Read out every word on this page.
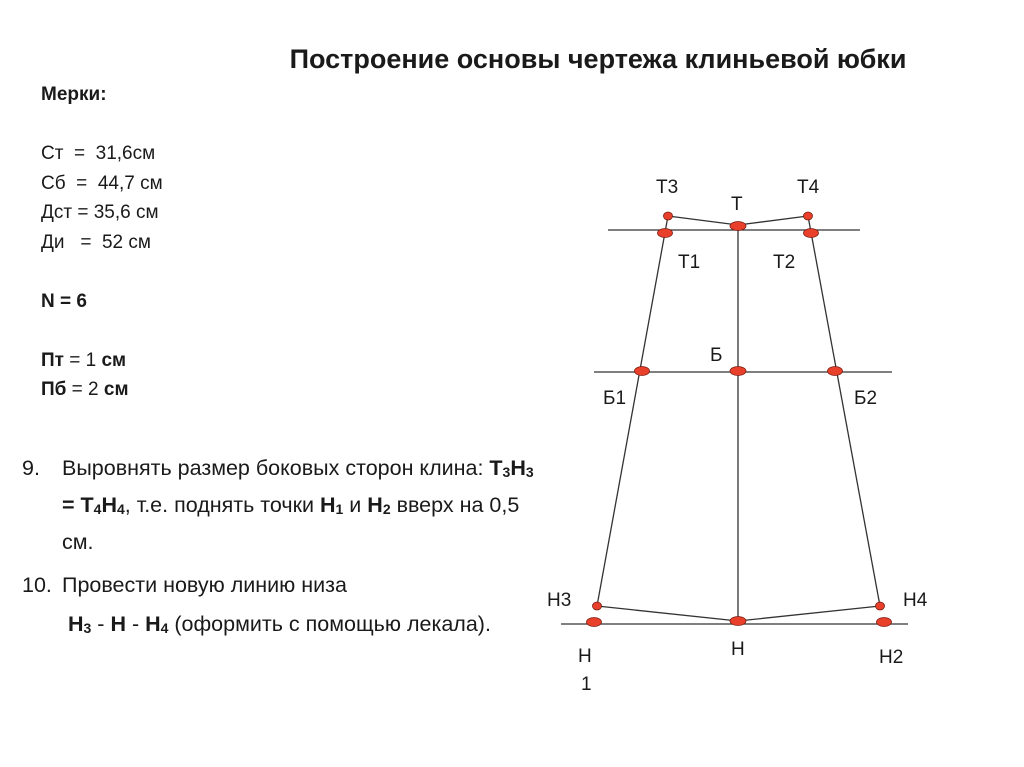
Построение основы чертежа клиньевой юбки
Мерки:
Ст  =  31,6см
Сб  =  44,7 см
Дст = 35,6 см
Ди   =  52 см
N = 6
Пт = 1 см
Пб = 2 см
9. Выровнять размер боковых сторон клина: $Т_3Н_3 = Т_4Н_4$, т.е. поднять точки $Н_1$ и $Н_2$ вверх на 0,5 см.
10. Провести новую линию низа
$Н_3$ - Н - $Н_4$ (оформить с помощью лекала).
Т3	Т4
Т
Т1	Т2
Б
Б1	Б2
Н3	Н4
Н
Н
1
Н2
